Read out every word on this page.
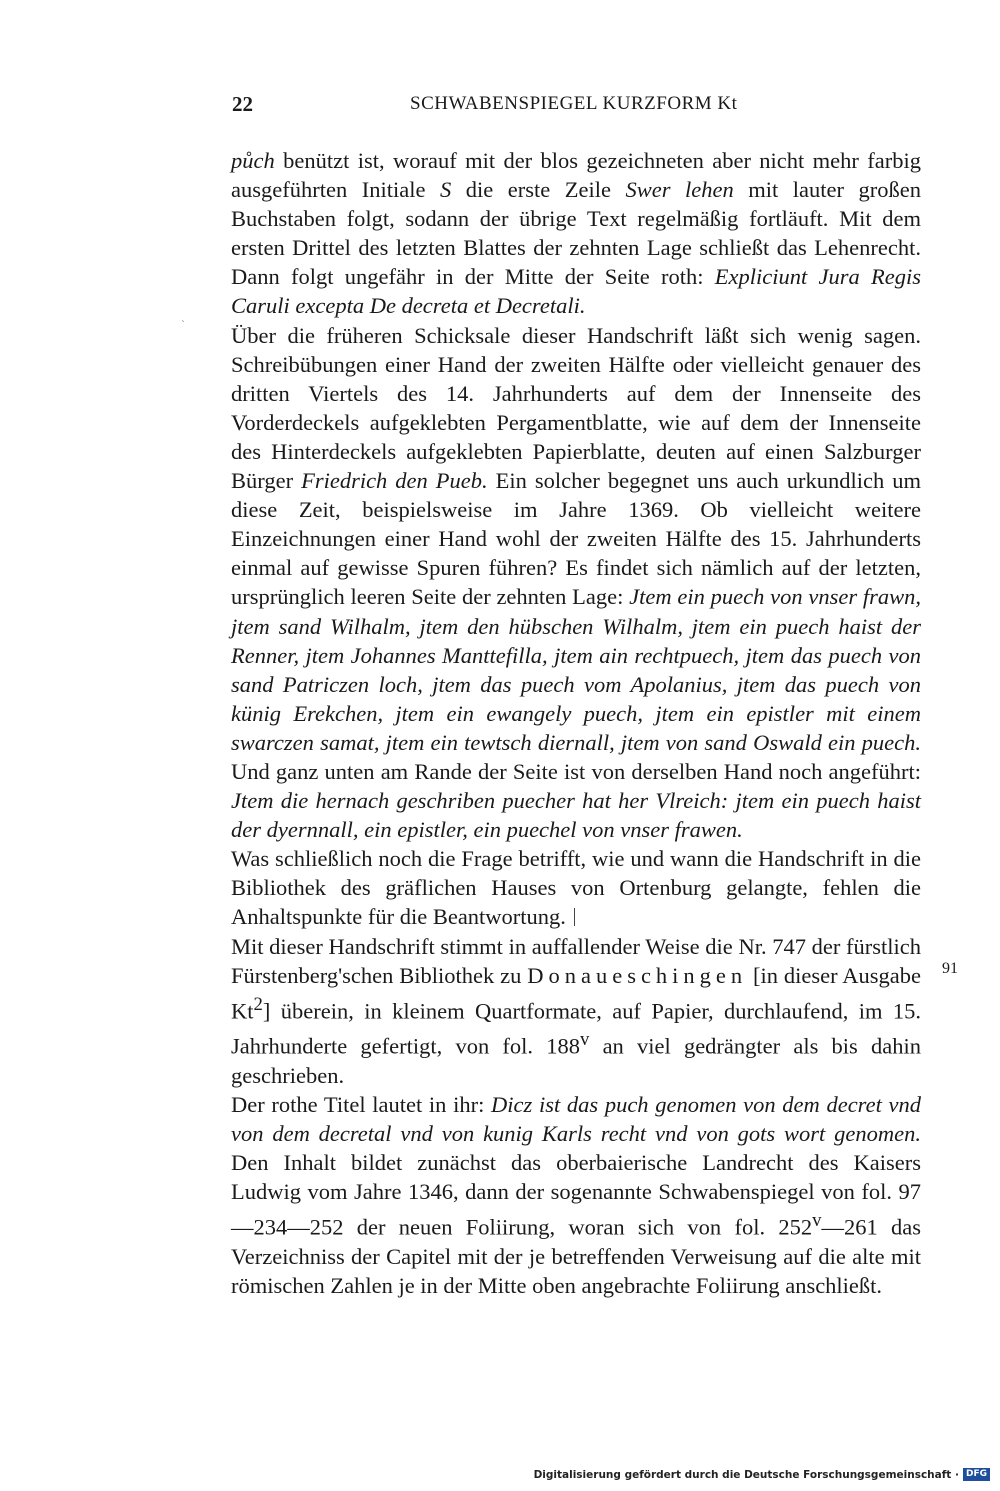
22	SCHWABENSPIEGEL KURZFORM Kt
`

půch benützt ist, worauf mit der blos gezeichneten aber nicht mehr farbig ausgeführten Initiale S die erste Zeile Swer lehen mit lauter großen Buchstaben folgt, sodann der übrige Text regelmäßig fortläuft. Mit dem ersten Drittel des letzten Blattes der zehnten Lage schließt das Lehenrecht. Dann folgt ungefähr in der Mitte der Seite roth: Expliciunt Jura Regis Caruli excepta De decreta et Decretali.

Über die früheren Schicksale dieser Handschrift läßt sich wenig sagen. Schreibübungen einer Hand der zweiten Hälfte oder vielleicht genauer des dritten Viertels des 14. Jahrhunderts auf dem der Innenseite des Vorderdeckels aufgeklebten Pergamentblatte, wie auf dem der Innenseite des Hinterdeckels aufgeklebten Papierblatte, deuten auf einen Salzburger Bürger Friedrich den Pueb. Ein solcher begegnet uns auch urkundlich um diese Zeit, beispielsweise im Jahre 1369. Ob vielleicht weitere Einzeichnungen einer Hand wohl der zweiten Hälfte des 15. Jahrhunderts einmal auf gewisse Spuren führen? Es findet sich nämlich auf der letzten, ursprünglich leeren Seite der zehnten Lage: Jtem ein puech von vnser frawn, jtem sand Wilhalm, jtem den hübschen Wilhalm, jtem ein puech haist der Renner, jtem Johannes Manttefilla, jtem ain rechtpuech, jtem das puech von sand Patriczen loch, jtem das puech vom Apolanius, jtem das puech von künig Erekchen, jtem ein ewangely puech, jtem ein epistler mit einem swarczen samat, jtem ein tewtsch diernall, jtem von sand Oswald ein puech. Und ganz unten am Rande der Seite ist von derselben Hand noch angeführt: Jtem die hernach geschriben puecher hat her Vlreich: jtem ein puech haist der dyernnall, ein epistler, ein puechel von vnser frawen.

Was schließlich noch die Frage betrifft, wie und wann die Handschrift in die Bibliothek des gräflichen Hauses von Ortenburg gelangte, fehlen die Anhaltspunkte für die Beantwortung.

Mit dieser Handschrift stimmt in auffallender Weise die Nr. 747 der fürstlich Fürstenberg'schen Bibliothek zu Donaueschingen [in dieser Ausgabe Kt$^2$] überein, in kleinem Quartformate, auf Papier, durchlaufend, im 15. Jahrhunderte gefertigt, von fol. 188$^v$ an viel gedrängter als bis dahin geschrieben.

Der rothe Titel lautet in ihr: Dicz ist das puch genomen von dem decret vnd von dem decretal vnd von kunig Karls recht vnd von gots wort genomen. Den Inhalt bildet zunächst das oberbaierische Landrecht des Kaisers Ludwig vom Jahre 1346, dann der sogenannte Schwabenspiegel von fol. 97—234—252 der neuen Foliirung, woran sich von fol. 252$^v$—261 das Verzeichniss der Capitel mit der je betreffenden Verweisung auf die alte mit römischen Zahlen je in der Mitte oben angebrachte Foliirung anschließt.

91
Digitalisierung gefördert durch die Deutsche Forschungsgemeinschaft · DFG
